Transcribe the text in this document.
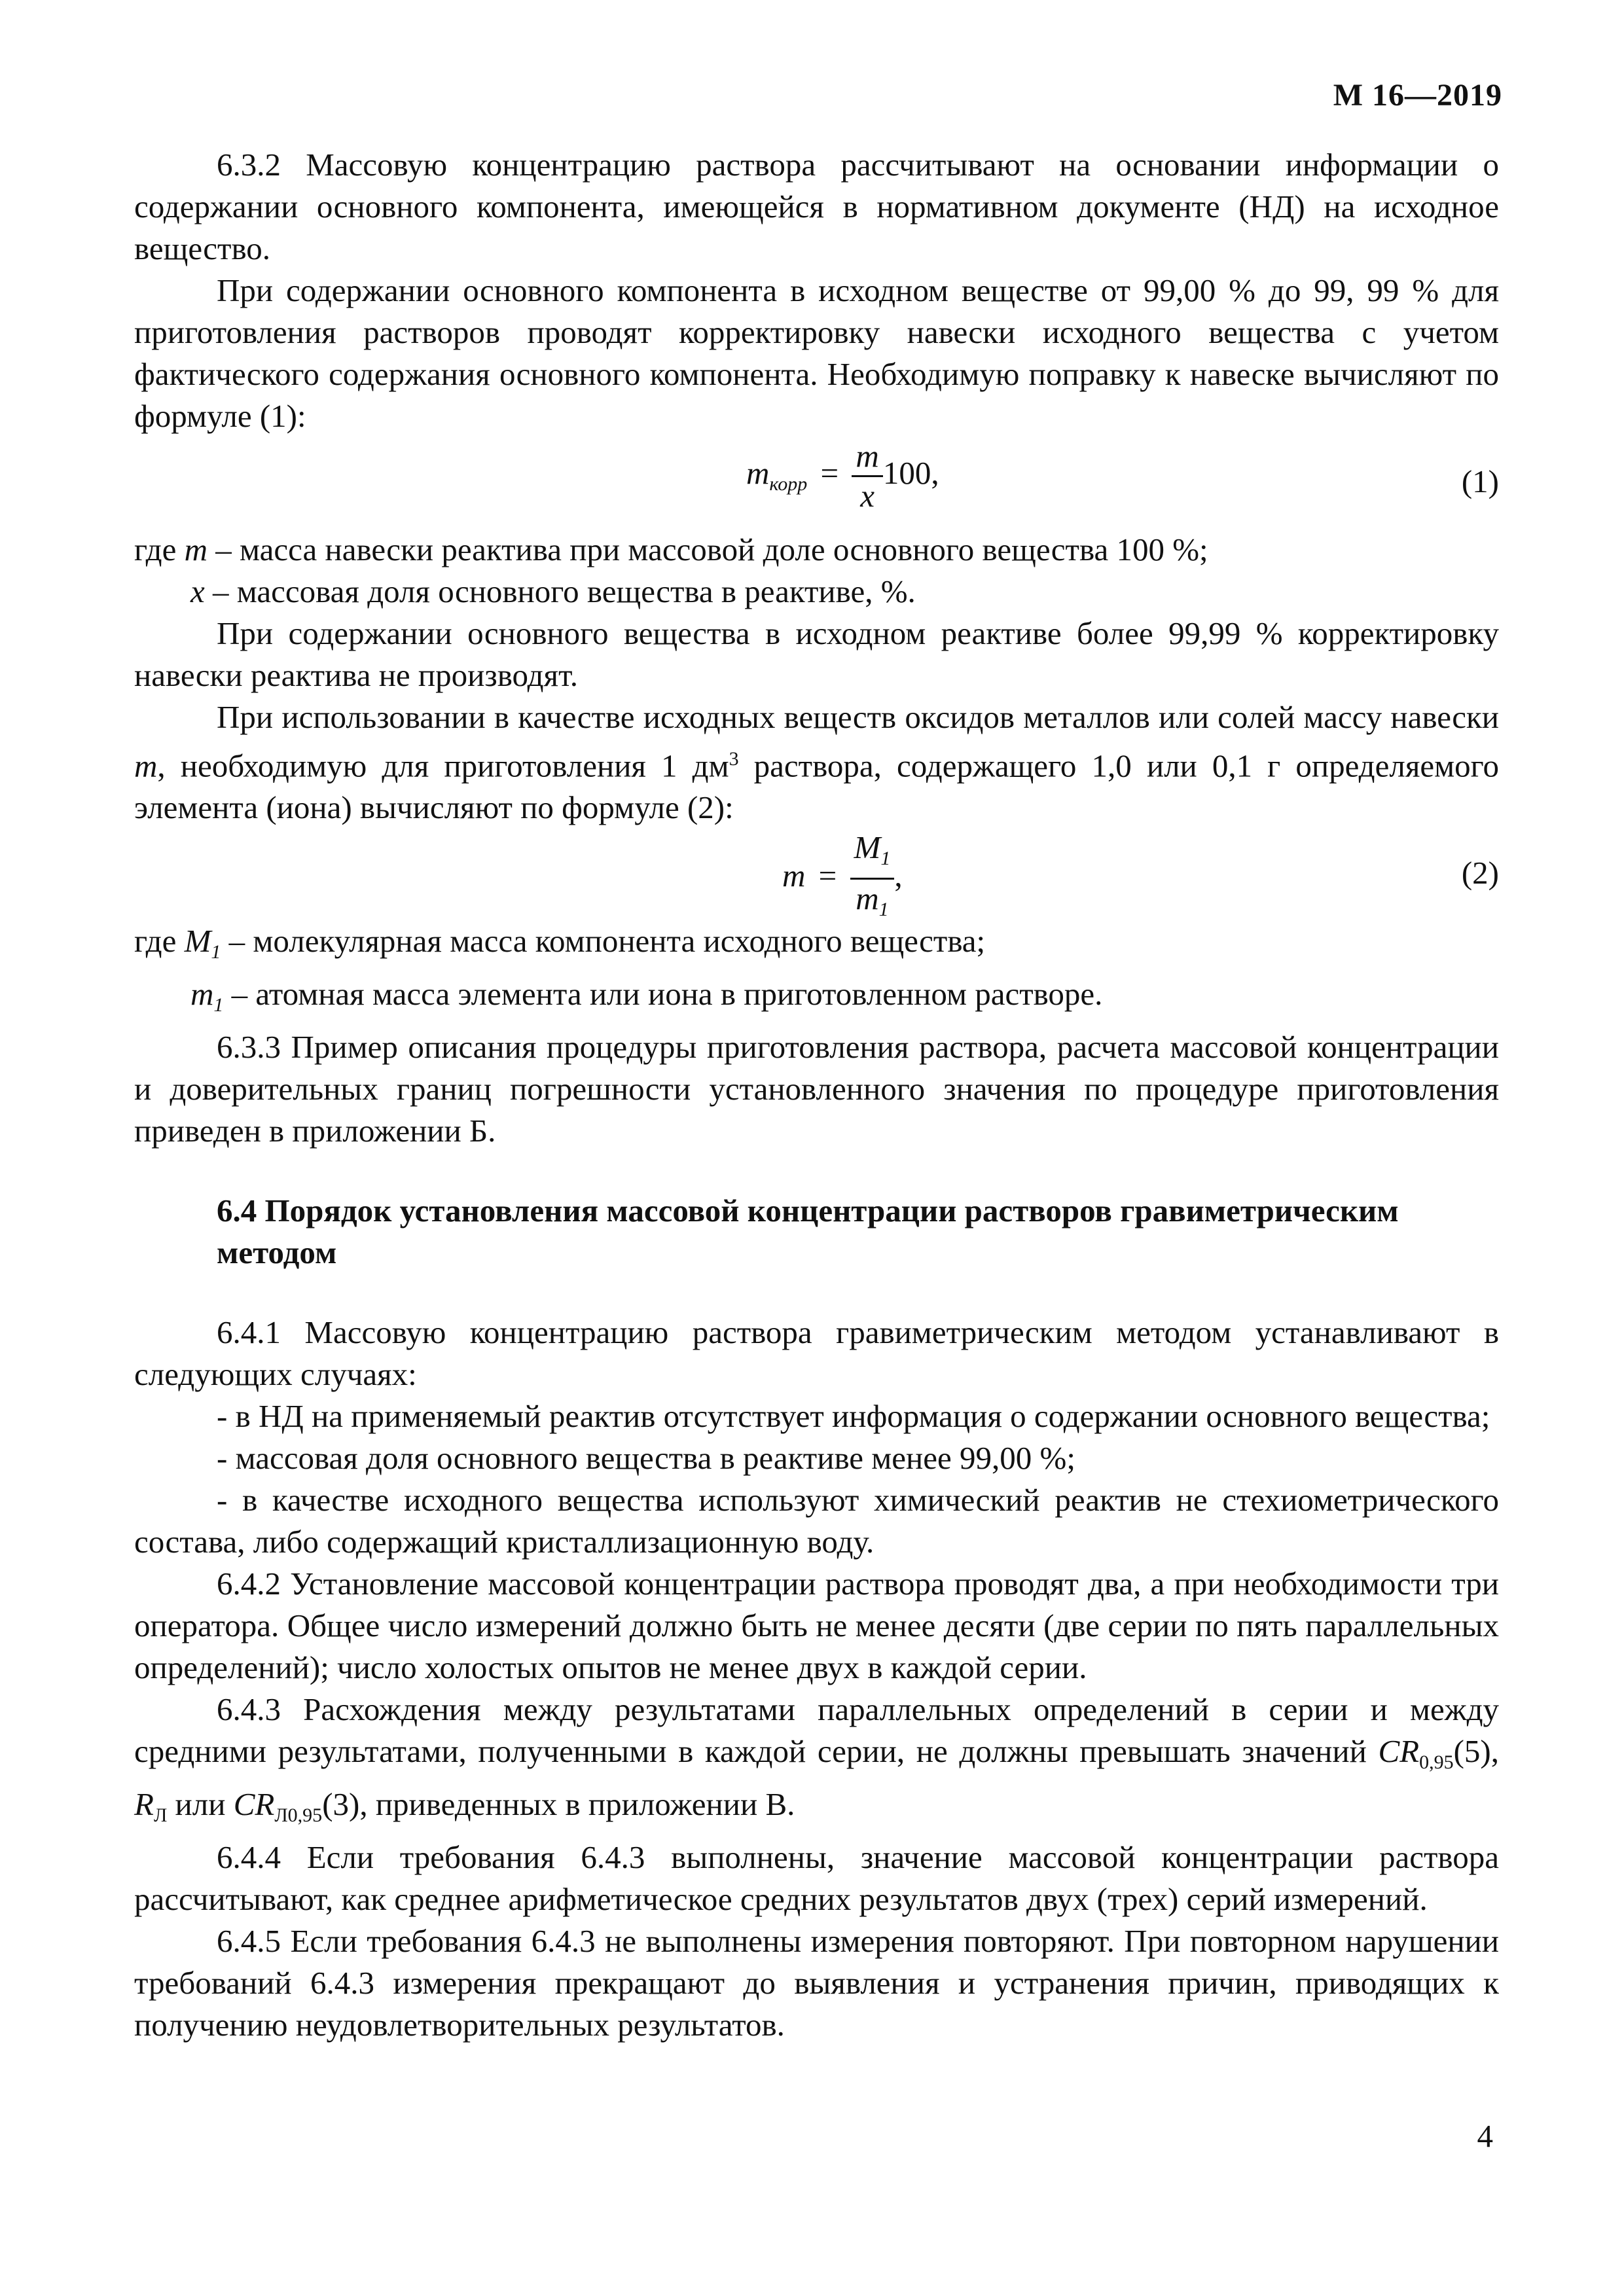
М 16—2019

6.3.2 Массовую концентрацию раствора рассчитывают на основании информации о содержании основного компонента, имеющейся в нормативном документе (НД) на исходное вещество.

При содержании основного компонента в исходном веществе от 99,00 % до 99, 99 % для приготовления растворов проводят корректировку навески исходного вещества с учетом фактического содержания основного компонента. Необходимую поправку к навеске вычисляют по формуле (1):

$m_{корр} = \frac{m}{x} 100$,	(1)

где m – масса навески реактива при массовой доле основного вещества 100 %;

x – массовая доля основного вещества в реактиве, %.

При содержании основного вещества в исходном реактиве более 99,99 % корректировку навески реактива не производят.

При использовании в качестве исходных веществ оксидов металлов или солей массу навески m, необходимую для приготовления 1 $дм^3$ раствора, содержащего 1,0 или 0,1 г определяемого элемента (иона) вычисляют по формуле (2):

$m = \frac{M_1}{m_1}$ ,	(2)

где $M_1$ – молекулярная масса компонента исходного вещества;

$m_1$ – атомная масса элемента или иона в приготовленном растворе.

6.3.3 Пример описания процедуры приготовления раствора, расчета массовой концентрации и доверительных границ погрешности установленного значения по процедуре приготовления приведен в приложении Б.

6.4 Порядок установления массовой концентрации растворов гравиметрическим методом

6.4.1 Массовую концентрацию раствора гравиметрическим методом устанавливают в следующих случаях:

- в НД на применяемый реактив отсутствует информация о содержании основного вещества;

- массовая доля основного вещества в реактиве менее 99,00 %;

- в качестве исходного вещества используют химический реактив не стехиометрического состава, либо содержащий кристаллизационную воду.

6.4.2 Установление массовой концентрации раствора проводят два, а при необходимости три оператора. Общее число измерений должно быть не менее десяти (две серии по пять параллельных определений); число холостых опытов не менее двух в каждой серии.

6.4.3 Расхождения между результатами параллельных определений в серии и между средними результатами, полученными в каждой серии, не должны превышать значений $CR_{0,95}(5)$, $R_Л$ или $CR_{Л0,95}(3)$, приведенных в приложении В.

6.4.4 Если требования 6.4.3 выполнены, значение массовой концентрации раствора рассчитывают, как среднее арифметическое средних результатов двух (трех) серий измерений.

6.4.5 Если требования 6.4.3 не выполнены измерения повторяют. При повторном нарушении требований 6.4.3 измерения прекращают до выявления и устранения причин, приводящих к получению неудовлетворительных результатов.

4
